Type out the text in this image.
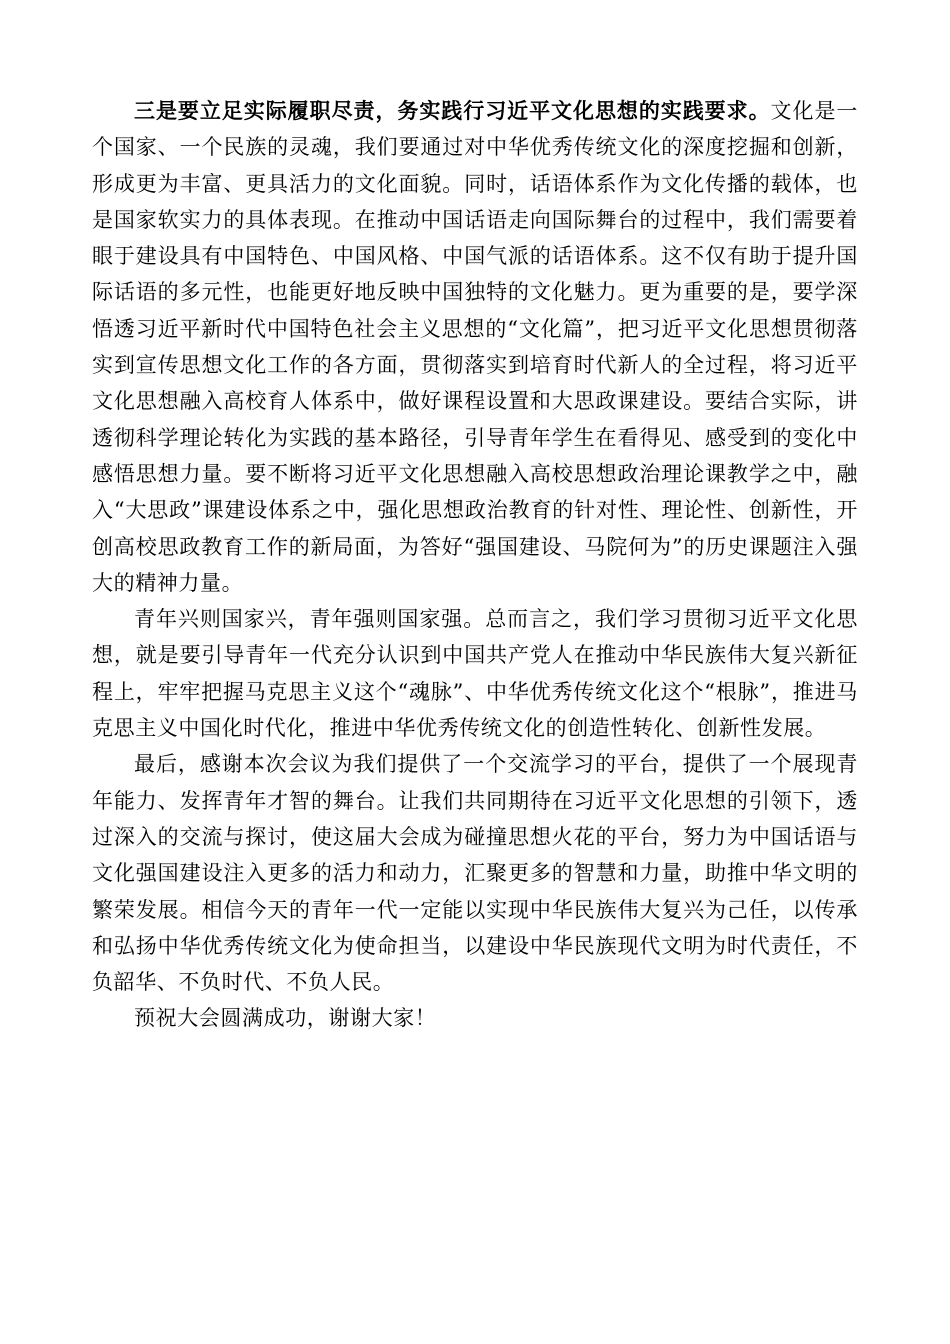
三是要立足实际履职尽责，务实践行习近平文化思想的实践要求。文化是一个国家、一个民族的灵魂，我们要通过对中华优秀传统文化的深度挖掘和创新，形成更为丰富、更具活力的文化面貌。同时，话语体系作为文化传播的载体，也是国家软实力的具体表现。在推动中国话语走向国际舞台的过程中，我们需要着眼于建设具有中国特色、中国风格、中国气派的话语体系。这不仅有助于提升国际话语的多元性，也能更好地反映中国独特的文化魅力。更为重要的是，要学深悟透习近平新时代中国特色社会主义思想的“文化篇”，把习近平文化思想贯彻落实到宣传思想文化工作的各方面，贯彻落实到培育时代新人的全过程，将习近平文化思想融入高校育人体系中，做好课程设置和大思政课建设。要结合实际，讲透彻科学理论转化为实践的基本路径，引导青年学生在看得见、感受到的变化中感悟思想力量。要不断将习近平文化思想融入高校思想政治理论课教学之中，融入“大思政”课建设体系之中，强化思想政治教育的针对性、理论性、创新性，开创高校思政教育工作的新局面，为答好“强国建设、马院何为”的历史课题注入强大的精神力量。

青年兴则国家兴，青年强则国家强。总而言之，我们学习贯彻习近平文化思想，就是要引导青年一代充分认识到中国共产党人在推动中华民族伟大复兴新征程上，牢牢把握马克思主义这个“魂脉”、中华优秀传统文化这个“根脉”，推进马克思主义中国化时代化，推进中华优秀传统文化的创造性转化、创新性发展。

最后，感谢本次会议为我们提供了一个交流学习的平台，提供了一个展现青年能力、发挥青年才智的舞台。让我们共同期待在习近平文化思想的引领下，透过深入的交流与探讨，使这届大会成为碰撞思想火花的平台，努力为中国话语与文化强国建设注入更多的活力和动力，汇聚更多的智慧和力量，助推中华文明的繁荣发展。相信今天的青年一代一定能以实现中华民族伟大复兴为己任，以传承和弘扬中华优秀传统文化为使命担当，以建设中华民族现代文明为时代责任，不负韶华、不负时代、不负人民。

预祝大会圆满成功，谢谢大家！
